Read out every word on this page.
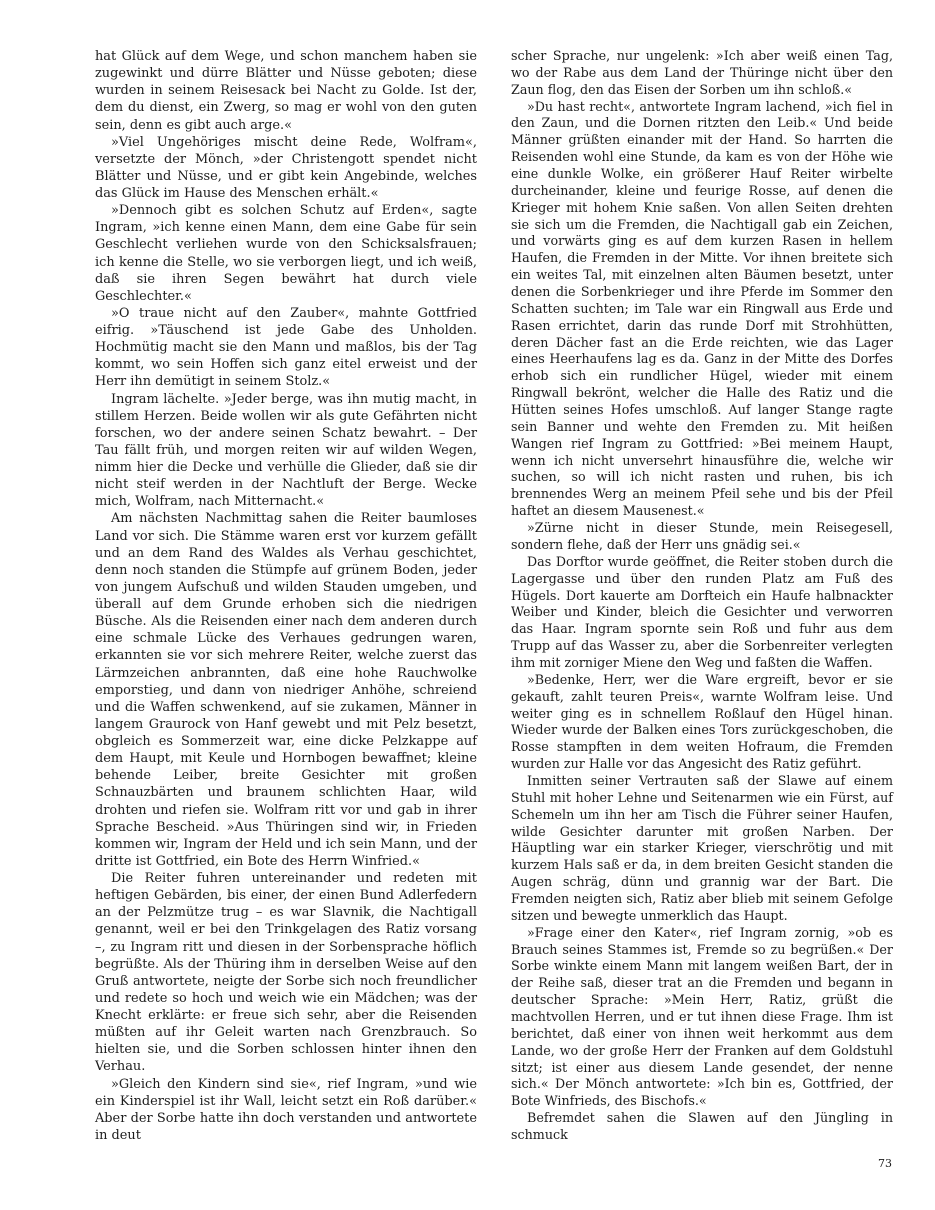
hat Glück auf dem Wege, und schon manchem haben sie zugewinkt und dürre Blätter und Nüsse geboten; diese wurden in seinem Reisesack bei Nacht zu Golde. Ist der, dem du dienst, ein Zwerg, so mag er wohl von den guten sein, denn es gibt auch arge.«

»Viel Ungehöriges mischt deine Rede, Wolfram«, versetzte der Mönch, »der Christengott spendet nicht Blätter und Nüsse, und er gibt kein Angebinde, welches das Glück im Hause des Menschen erhält.«

»Dennoch gibt es solchen Schutz auf Erden«, sagte Ingram, »ich kenne einen Mann, dem eine Gabe für sein Geschlecht verliehen wurde von den Schicksalsfrauen; ich kenne die Stelle, wo sie verborgen liegt, und ich weiß, daß sie ihren Segen bewährt hat durch viele Geschlechter.«

»O traue nicht auf den Zauber«, mahnte Gottfried eifrig. »Täuschend ist jede Gabe des Unholden. Hochmütig macht sie den Mann und maßlos, bis der Tag kommt, wo sein Hoffen sich ganz eitel erweist und der Herr ihn demütigt in seinem Stolz.«

Ingram lächelte. »Jeder berge, was ihn mutig macht, in stillem Herzen. Beide wollen wir als gute Gefährten nicht forschen, wo der andere seinen Schatz bewahrt. – Der Tau fällt früh, und morgen reiten wir auf wilden Wegen, nimm hier die Decke und verhülle die Glieder, daß sie dir nicht steif werden in der Nachtluft der Berge. Wecke mich, Wolfram, nach Mitternacht.«

Am nächsten Nachmittag sahen die Reiter baumloses Land vor sich. Die Stämme waren erst vor kurzem gefällt und an dem Rand des Waldes als Verhau geschichtet, denn noch standen die Stümpfe auf grünem Boden, jeder von jungem Aufschuß und wilden Stauden umgeben, und überall auf dem Grunde erhoben sich die niedrigen Büsche. Als die Reisenden einer nach dem anderen durch eine schmale Lücke des Verhaues gedrungen waren, erkannten sie vor sich mehrere Reiter, welche zuerst das Lärmzeichen anbrannten, daß eine hohe Rauchwolke emporstieg, und dann von niedriger Anhöhe, schreiend und die Waffen schwenkend, auf sie zukamen, Männer in langem Graurock von Hanf gewebt und mit Pelz besetzt, obgleich es Sommerzeit war, eine dicke Pelzkappe auf dem Haupt, mit Keule und Hornbogen bewaffnet; kleine behende Leiber, breite Gesichter mit großen Schnauzbärten und braunem schlichten Haar, wild drohten und riefen sie. Wolfram ritt vor und gab in ihrer Sprache Bescheid. »Aus Thüringen sind wir, in Frieden kommen wir, Ingram der Held und ich sein Mann, und der dritte ist Gottfried, ein Bote des Herrn Winfried.«

Die Reiter fuhren untereinander und redeten mit heftigen Gebärden, bis einer, der einen Bund Adlerfedern an der Pelzmütze trug – es war Slavnik, die Nachtigall genannt, weil er bei den Trinkgelagen des Ratiz vorsang –, zu Ingram ritt und diesen in der Sorbensprache höflich begrüßte. Als der Thüring ihm in derselben Weise auf den Gruß antwortete, neigte der Sorbe sich noch freundlicher und redete so hoch und weich wie ein Mädchen; was der Knecht erklärte: er freue sich sehr, aber die Reisenden müßten auf ihr Geleit warten nach Grenzbrauch. So hielten sie, und die Sorben schlossen hinter ihnen den Verhau.

»Gleich den Kindern sind sie«, rief Ingram, »und wie ein Kinderspiel ist ihr Wall, leicht setzt ein Roß darüber.« Aber der Sorbe hatte ihn doch verstanden und antwortete in deut

scher Sprache, nur ungelenk: »Ich aber weiß einen Tag, wo der Rabe aus dem Land der Thüringe nicht über den Zaun flog, den das Eisen der Sorben um ihn schloß.«

»Du hast recht«, antwortete Ingram lachend, »ich fiel in den Zaun, und die Dornen ritzten den Leib.« Und beide Männer grüßten einander mit der Hand. So harrten die Reisenden wohl eine Stunde, da kam es von der Höhe wie eine dunkle Wolke, ein größerer Hauf Reiter wirbelte durcheinander, kleine und feurige Rosse, auf denen die Krieger mit hohem Knie saßen. Von allen Seiten drehten sie sich um die Fremden, die Nachtigall gab ein Zeichen, und vorwärts ging es auf dem kurzen Rasen in hellem Haufen, die Fremden in der Mitte. Vor ihnen breitete sich ein weites Tal, mit einzelnen alten Bäumen besetzt, unter denen die Sorbenkrieger und ihre Pferde im Sommer den Schatten suchten; im Tale war ein Ringwall aus Erde und Rasen errichtet, darin das runde Dorf mit Strohhütten, deren Dächer fast an die Erde reichten, wie das Lager eines Heerhaufens lag es da. Ganz in der Mitte des Dorfes erhob sich ein rundlicher Hügel, wieder mit einem Ringwall bekrönt, welcher die Halle des Ratiz und die Hütten seines Hofes umschloß. Auf langer Stange ragte sein Banner und wehte den Fremden zu. Mit heißen Wangen rief Ingram zu Gottfried: »Bei meinem Haupt, wenn ich nicht unversehrt hinausführe die, welche wir suchen, so will ich nicht rasten und ruhen, bis ich brennendes Werg an meinem Pfeil sehe und bis der Pfeil haftet an diesem Mausenest.«

»Zürne nicht in dieser Stunde, mein Reisegesell, sondern flehe, daß der Herr uns gnädig sei.«

Das Dorftor wurde geöffnet, die Reiter stoben durch die Lagergasse und über den runden Platz am Fuß des Hügels. Dort kauerte am Dorfteich ein Haufe halbnackter Weiber und Kinder, bleich die Gesichter und verworren das Haar. Ingram spornte sein Roß und fuhr aus dem Trupp auf das Wasser zu, aber die Sorbenreiter verlegten ihm mit zorniger Miene den Weg und faßten die Waffen.

»Bedenke, Herr, wer die Ware ergreift, bevor er sie gekauft, zahlt teuren Preis«, warnte Wolfram leise. Und weiter ging es in schnellem Roßlauf den Hügel hinan. Wieder wurde der Balken eines Tors zurückgeschoben, die Rosse stampften in dem weiten Hofraum, die Fremden wurden zur Halle vor das Angesicht des Ratiz geführt.

Inmitten seiner Vertrauten saß der Slawe auf einem Stuhl mit hoher Lehne und Seitenarmen wie ein Fürst, auf Schemeln um ihn her am Tisch die Führer seiner Haufen, wilde Gesichter darunter mit großen Narben. Der Häuptling war ein starker Krieger, vierschrötig und mit kurzem Hals saß er da, in dem breiten Gesicht standen die Augen schräg, dünn und grannig war der Bart. Die Fremden neigten sich, Ratiz aber blieb mit seinem Gefolge sitzen und bewegte unmerklich das Haupt.

»Frage einer den Kater«, rief Ingram zornig, »ob es Brauch seines Stammes ist, Fremde so zu begrüßen.« Der Sorbe winkte einem Mann mit langem weißen Bart, der in der Reihe saß, dieser trat an die Fremden und begann in deutscher Sprache: »Mein Herr, Ratiz, grüßt die machtvollen Herren, und er tut ihnen diese Frage. Ihm ist berichtet, daß einer von ihnen weit herkommt aus dem Lande, wo der große Herr der Franken auf dem Goldstuhl sitzt; ist einer aus diesem Lande gesendet, der nenne sich.« Der Mönch antwortete: »Ich bin es, Gottfried, der Bote Winfrieds, des Bischofs.«

Befremdet sahen die Slawen auf den Jüngling in schmuck

73
